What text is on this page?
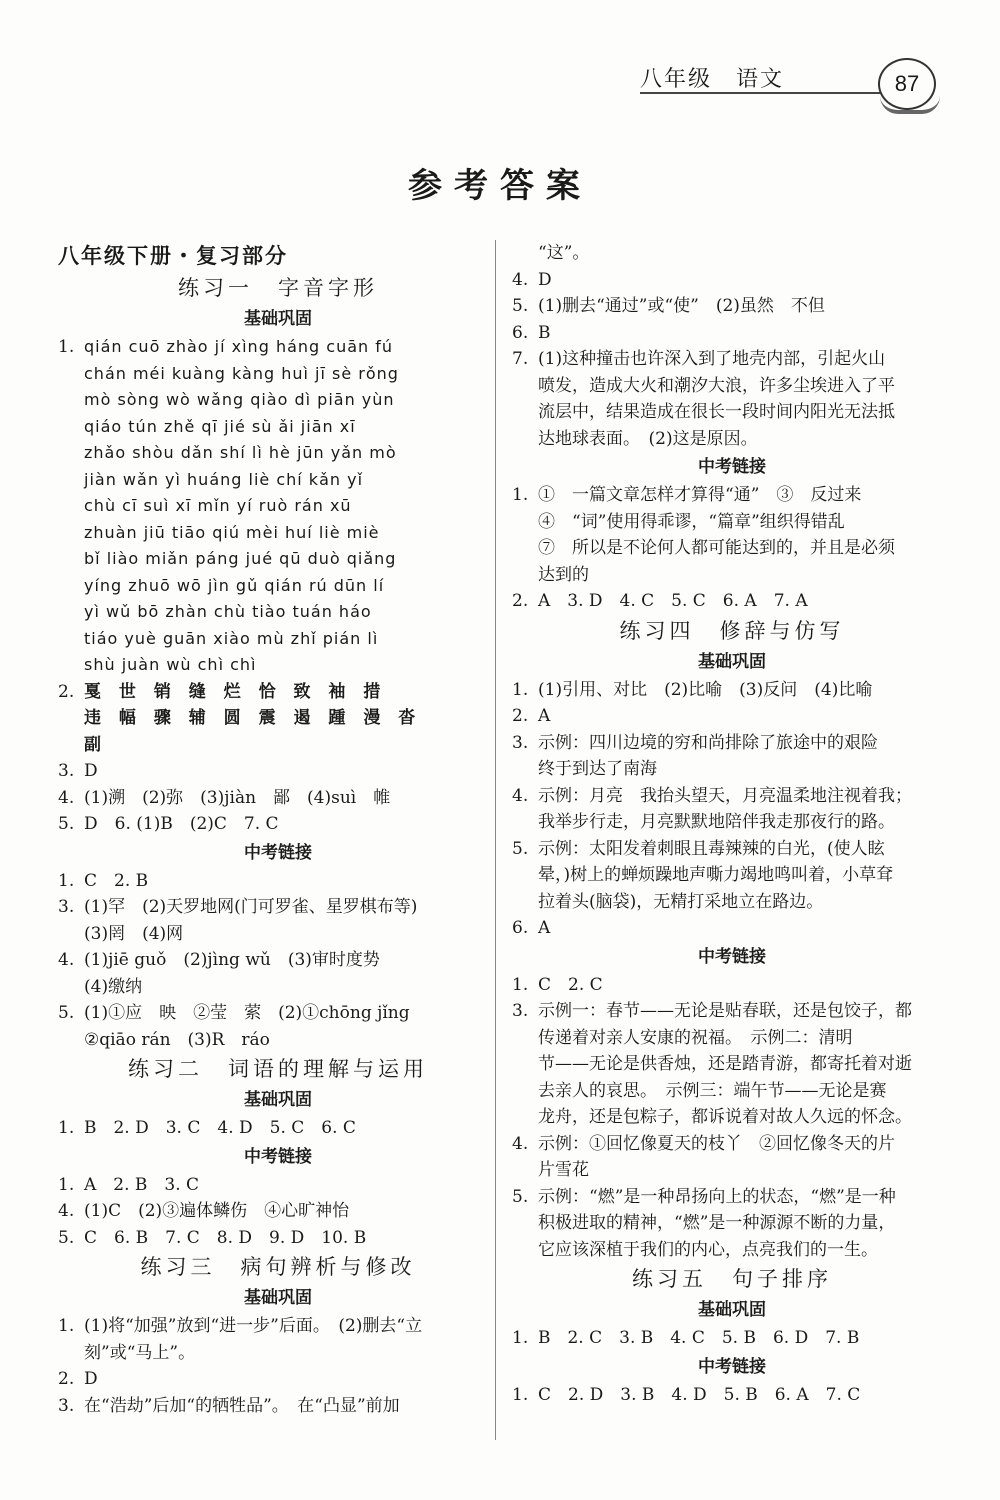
八年级　语文	87
参考答案
八年级下册・复习部分
练习一　字音字形
基础巩固
1. qián cuō zhào jí xìng háng cuān fú
chán méi kuàng kàng huì jī sè rǒng
mò sòng wò wǎng qiào dì piān yùn
qiáo tún zhě qī jié sù ǎi jiān xī
zhǎo shòu dǎn shí lì hè jūn yǎn mò
jiàn wǎn yì huáng liè chí kǎn yǐ
chù cī suì xī mǐn yí ruò rán xū
zhuàn jiū tiāo qiú mèi huí liè miè
bǐ liào miǎn páng jué qū duò qiǎng
yíng zhuō wō jìn gǔ qián rú dūn lí
yì wǔ bō zhàn chù tiào tuán háo
tiáo yuè guān xiào mù zhǐ pián lì
shù juàn wù chì chì
2. 戛 世 销 缝 烂 恰 致 袖 措
违 幅 骤 辅 圆 震 遏 踵 漫 沓
副
3. D
4. (1)溯　(2)弥　(3)jiàn　鄙　(4)suì　帷
5. D　6. (1)B　(2)C　7. C
中考链接
1. C　2. B
3. (1)罕　(2)天罗地网(门可罗雀、星罗棋布等)
(3)罔　(4)网
4. (1)jiē guǒ　(2)jìng wǔ　(3)审时度势
(4)缴纳
5. (1)①应　映　②莹　萦　(2)①chōng jǐng
②qiāo rán　(3)R　ráo
练习二　词语的理解与运用
基础巩固
1. B　2. D　3. C　4. D　5. C　6. C
中考链接
1. A　2. B　3. C
4. (1)C　(2)③遍体鳞伤　④心旷神怡
5. C　6. B　7. C　8. D　9. D　10. B
练习三　病句辨析与修改
基础巩固
1. (1)将“加强”放到“进一步”后面。　(2)删去“立
刻”或“马上”。
2. D
3. 在“浩劫”后加“的牺牲品”。　在“凸显”前加
“这”。
4. D
5. (1)删去“通过”或“使”　(2)虽然　不但
6. B
7. (1)这种撞击也许深入到了地壳内部，引起火山
喷发，造成大火和潮汐大浪，许多尘埃进入了平
流层中，结果造成在很长一段时间内阳光无法抵
达地球表面。　(2)这是原因。
中考链接
1. ①　一篇文章怎样才算得“通”　③　反过来
④　“词”使用得乖谬，“篇章”组织得错乱
⑦　所以是不论何人都可能达到的，并且是必须
达到的
2. A　3. D　4. C　5. C　6. A　7. A
练习四　修辞与仿写
基础巩固
1. (1)引用、对比　(2)比喻　(3)反问　(4)比喻
2. A
3. 示例：四川边境的穷和尚排除了旅途中的艰险
终于到达了南海
4. 示例：月亮　我抬头望天，月亮温柔地注视着我；
我举步行走，月亮默默地陪伴我走那夜行的路。
5. 示例：太阳发着刺眼且毒辣辣的白光，(使人眩
晕，)树上的蝉烦躁地声嘶力竭地鸣叫着，小草耷
拉着头(脑袋)，无精打采地立在路边。
6. A
中考链接
1. C　2. C
3. 示例一：春节——无论是贴春联，还是包饺子，都
传递着对亲人安康的祝福。　示例二：清明
节——无论是供香烛，还是踏青游，都寄托着对逝
去亲人的哀思。　示例三：端午节——无论是赛
龙舟，还是包粽子，都诉说着对故人久远的怀念。
4. 示例：①回忆像夏天的枝丫　②回忆像冬天的片
片雪花
5. 示例：“燃”是一种昂扬向上的状态，“燃”是一种
积极进取的精神，“燃”是一种源源不断的力量，
它应该深植于我们的内心，点亮我们的一生。
练习五　句子排序
基础巩固
1. B　2. C　3. B　4. C　5. B　6. D　7. B
中考链接
1. C　2. D　3. B　4. D　5. B　6. A　7. C
